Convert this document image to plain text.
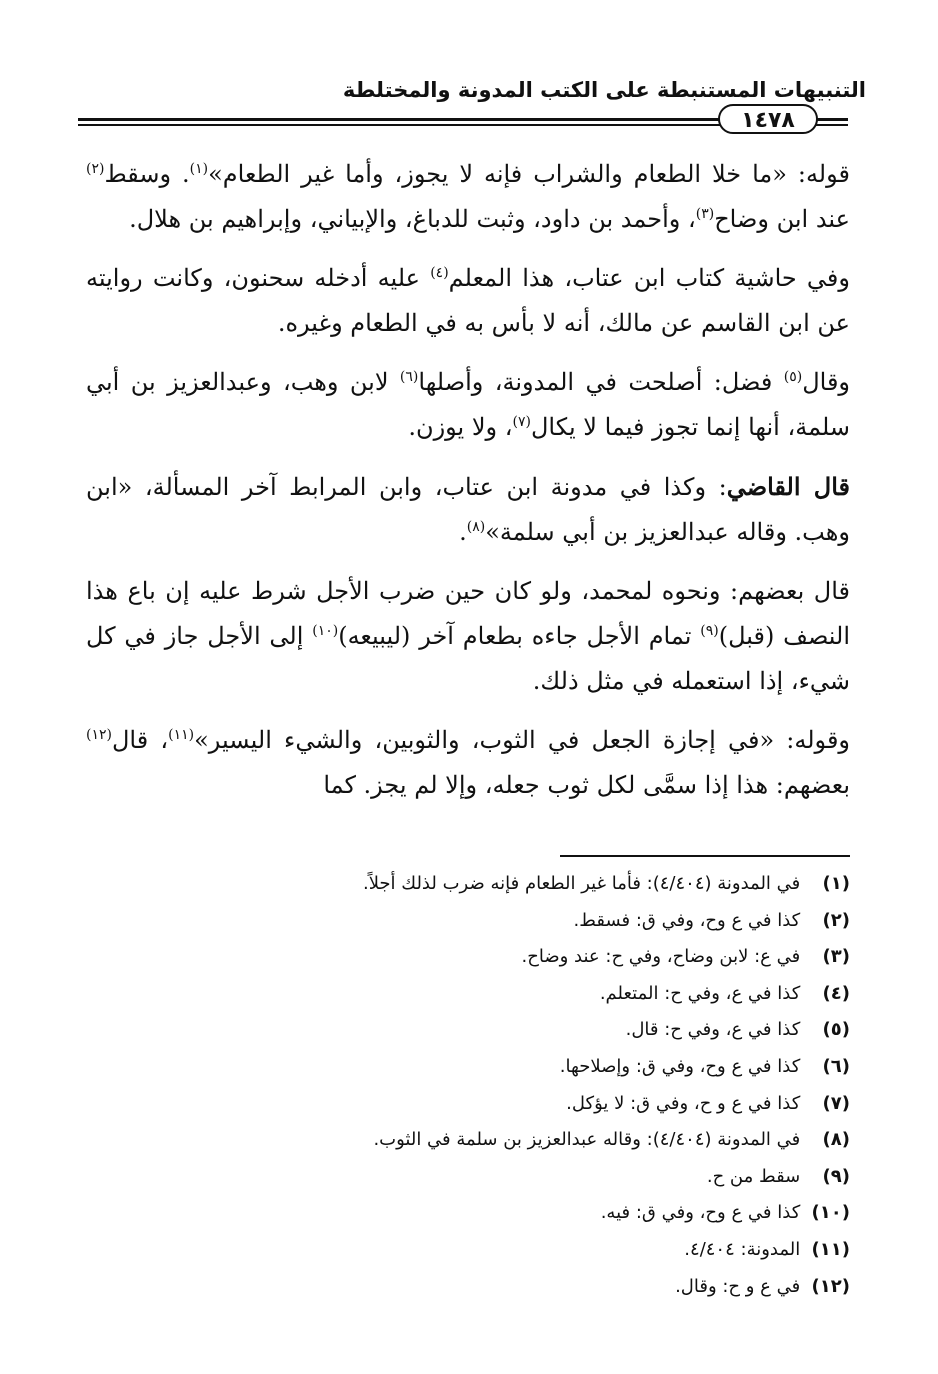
التنبيهات المستنبطة على الكتب المدونة والمختلطة
١٤٧٨

قوله: «ما خلا الطعام والشراب فإنه لا يجوز، وأما غير الطعام»$^{(١)}$. وسقط$^{(٢)}$ عند ابن وضاح$^{(٣)}$، وأحمد بن داود، وثبت للدباغ، والإبياني، وإبراهيم بن هلال.

وفي حاشية كتاب ابن عتاب، هذا المعلم$^{(٤)}$ عليه أدخله سحنون، وكانت روايته عن ابن القاسم عن مالك، أنه لا بأس به في الطعام وغيره.

وقال$^{(٥)}$ فضل: أصلحت في المدونة، وأصلها$^{(٦)}$ لابن وهب، وعبدالعزيز بن أبي سلمة، أنها إنما تجوز فيما لا يكال$^{(٧)}$، ولا يوزن.

قال القاضي: وكذا في مدونة ابن عتاب، وابن المرابط آخر المسألة، «ابن وهب. وقاله عبدالعزيز بن أبي سلمة»$^{(٨)}$.

قال بعضهم: ونحوه لمحمد، ولو كان حين ضرب الأجل شرط عليه إن باع هذا النصف (قبل)$^{(٩)}$ تمام الأجل جاءه بطعام آخر (ليبيعه)$^{(١٠)}$ إلى الأجل جاز في كل شيء، إذا استعمله في مثل ذلك.

وقوله: «في إجازة الجعل في الثوب، والثوبين، والشيء اليسير»$^{(١١)}$، قال$^{(١٢)}$ بعضهم: هذا إذا سمَّى لكل ثوب جعله، وإلا لم يجز. كما

(١) في المدونة (٤/٤٠٤): فأما غير الطعام فإنه ضرب لذلك أجلاً.
(٢) كذا في ع وح، وفي ق: فسقط.
(٣) في ع: لابن وضاح، وفي ح: عند وضاح.
(٤) كذا في ع، وفي ح: المتعلم.
(٥) كذا في ع، وفي ح: قال.
(٦) كذا في ع وح، وفي ق: وإصلاحها.
(٧) كذا في ع و ح، وفي ق: لا يؤكل.
(٨) في المدونة (٤/٤٠٤): وقاله عبدالعزيز بن سلمة في الثوب.
(٩) سقط من ح.
(١٠) كذا في ع وح، وفي ق: فيه.
(١١) المدونة: ٤/٤٠٤.
(١٢) في ع و ح: وقال.
